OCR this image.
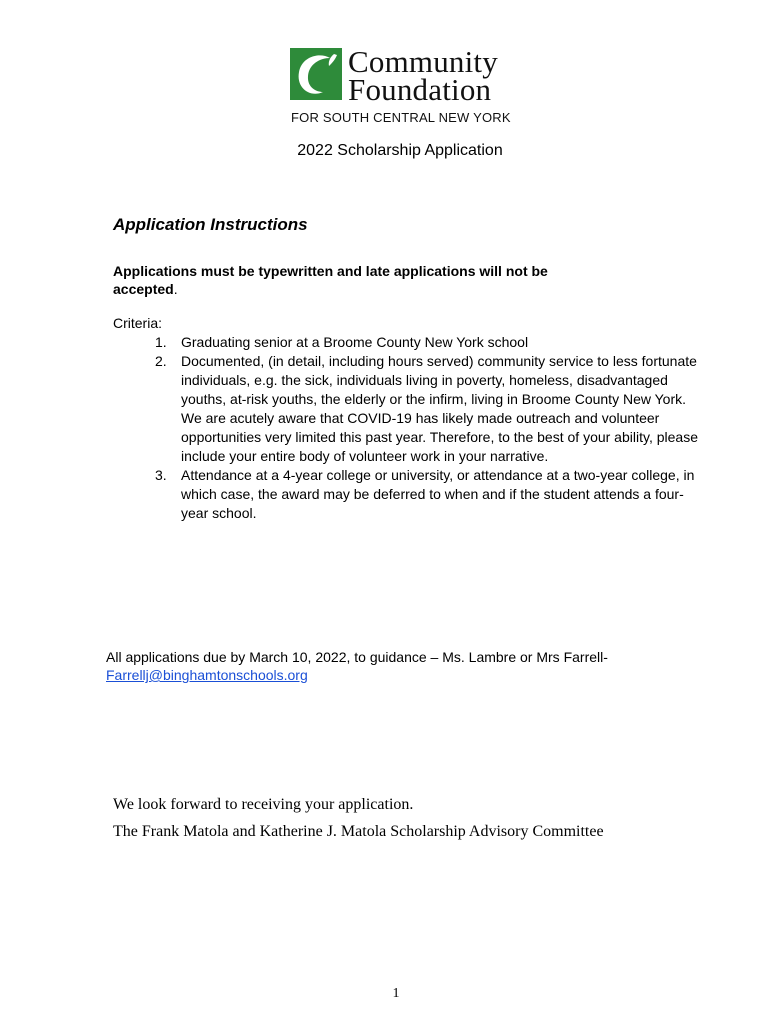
Community
Foundation
FOR SOUTH CENTRAL NEW YORK
2022 Scholarship Application
Application Instructions
Applications must be typewritten and late applications will not be accepted.
Criteria:
1. Graduating senior at a Broome County New York school
2. Documented, (in detail, including hours served) community service to less fortunate individuals, e.g. the sick, individuals living in poverty, homeless, disadvantaged youths, at-risk youths, the elderly or the infirm, living in Broome County New York. We are acutely aware that COVID-19 has likely made outreach and volunteer opportunities very limited this past year. Therefore, to the best of your ability, please include your entire body of volunteer work in your narrative.
3. Attendance at a 4-year college or university, or attendance at a two-year college, in which case, the award may be deferred to when and if the student attends a four-year school.
All applications due by March 10, 2022, to guidance – Ms. Lambre or Mrs Farrell-
Farrellj@binghamtonschools.org
We look forward to receiving your application.
The Frank Matola and Katherine J. Matola Scholarship Advisory Committee
1
